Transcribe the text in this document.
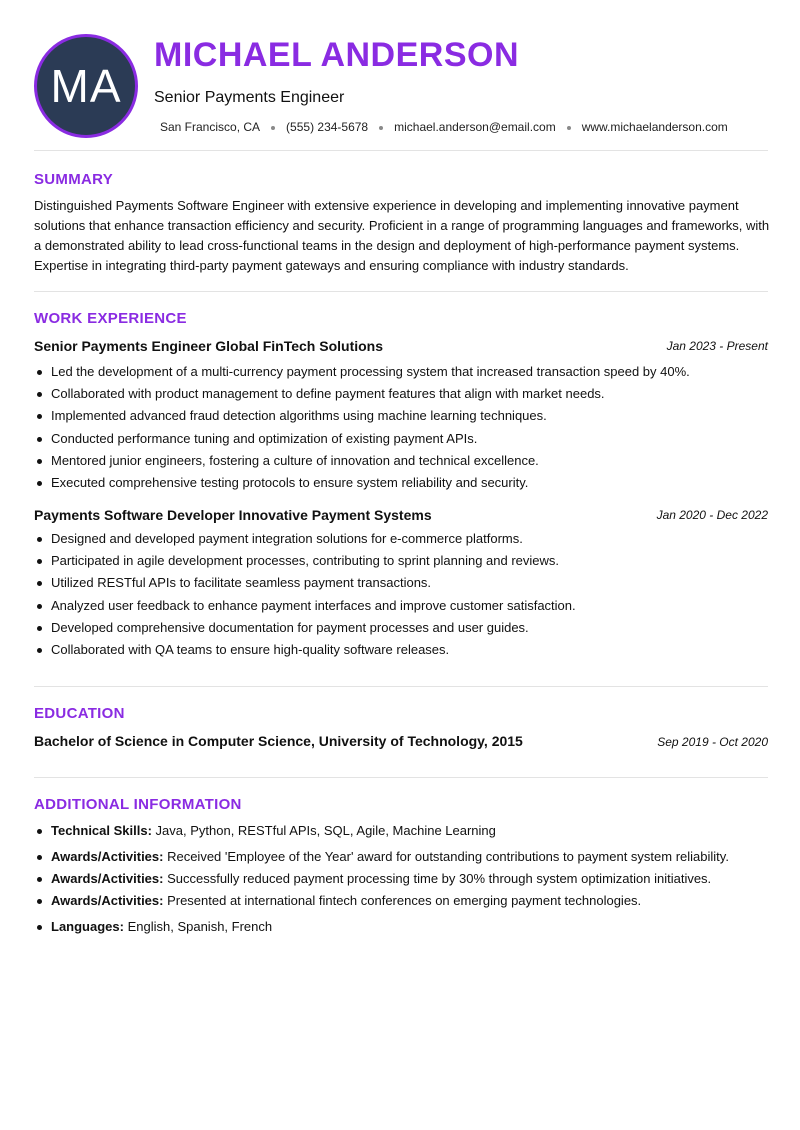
MA
MICHAEL ANDERSON
Senior Payments Engineer
San Francisco, CA (555) 234-5678 michael.anderson@email.com www.michaelanderson.com
SUMMARY
Distinguished Payments Software Engineer with extensive experience in developing and implementing innovative payment solutions that enhance transaction efficiency and security. Proficient in a range of programming languages and frameworks, with a demonstrated ability to lead cross-functional teams in the design and deployment of high-performance payment systems. Expertise in integrating third-party payment gateways and ensuring compliance with industry standards.
WORK EXPERIENCE
Senior Payments Engineer Global FinTech Solutions	Jan 2023 - Present
Led the development of a multi-currency payment processing system that increased transaction speed by 40%.
Collaborated with product management to define payment features that align with market needs.
Implemented advanced fraud detection algorithms using machine learning techniques.
Conducted performance tuning and optimization of existing payment APIs.
Mentored junior engineers, fostering a culture of innovation and technical excellence.
Executed comprehensive testing protocols to ensure system reliability and security.
Payments Software Developer Innovative Payment Systems	Jan 2020 - Dec 2022
Designed and developed payment integration solutions for e-commerce platforms.
Participated in agile development processes, contributing to sprint planning and reviews.
Utilized RESTful APIs to facilitate seamless payment transactions.
Analyzed user feedback to enhance payment interfaces and improve customer satisfaction.
Developed comprehensive documentation for payment processes and user guides.
Collaborated with QA teams to ensure high-quality software releases.
EDUCATION
Bachelor of Science in Computer Science, University of Technology, 2015	Sep 2019 - Oct 2020
ADDITIONAL INFORMATION
Technical Skills: Java, Python, RESTful APIs, SQL, Agile, Machine Learning
Awards/Activities: Received 'Employee of the Year' award for outstanding contributions to payment system reliability.
Awards/Activities: Successfully reduced payment processing time by 30% through system optimization initiatives.
Awards/Activities: Presented at international fintech conferences on emerging payment technologies.
Languages: English, Spanish, French
